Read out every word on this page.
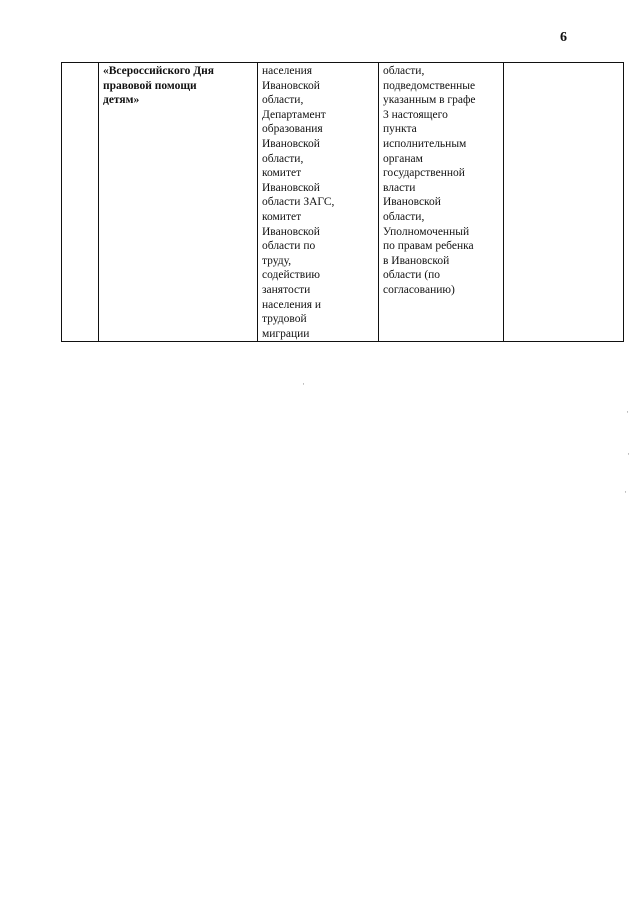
6
	«Всероссийского Дня
правовой помощи
детям»	населения
Ивановской
области,
Департамент
образования
Ивановской
области,
комитет
Ивановской
области ЗАГС,
комитет
Ивановской
области по
труду,
содействию
занятости
населения и
трудовой
миграции	области,
подведомственные
указанным в графе
3 настоящего
пункта
исполнительным
органам
государственной
власти
Ивановской
области,
Уполномоченный
по правам ребенка
в Ивановской
области (по
согласованию)	
·
·
·
·
